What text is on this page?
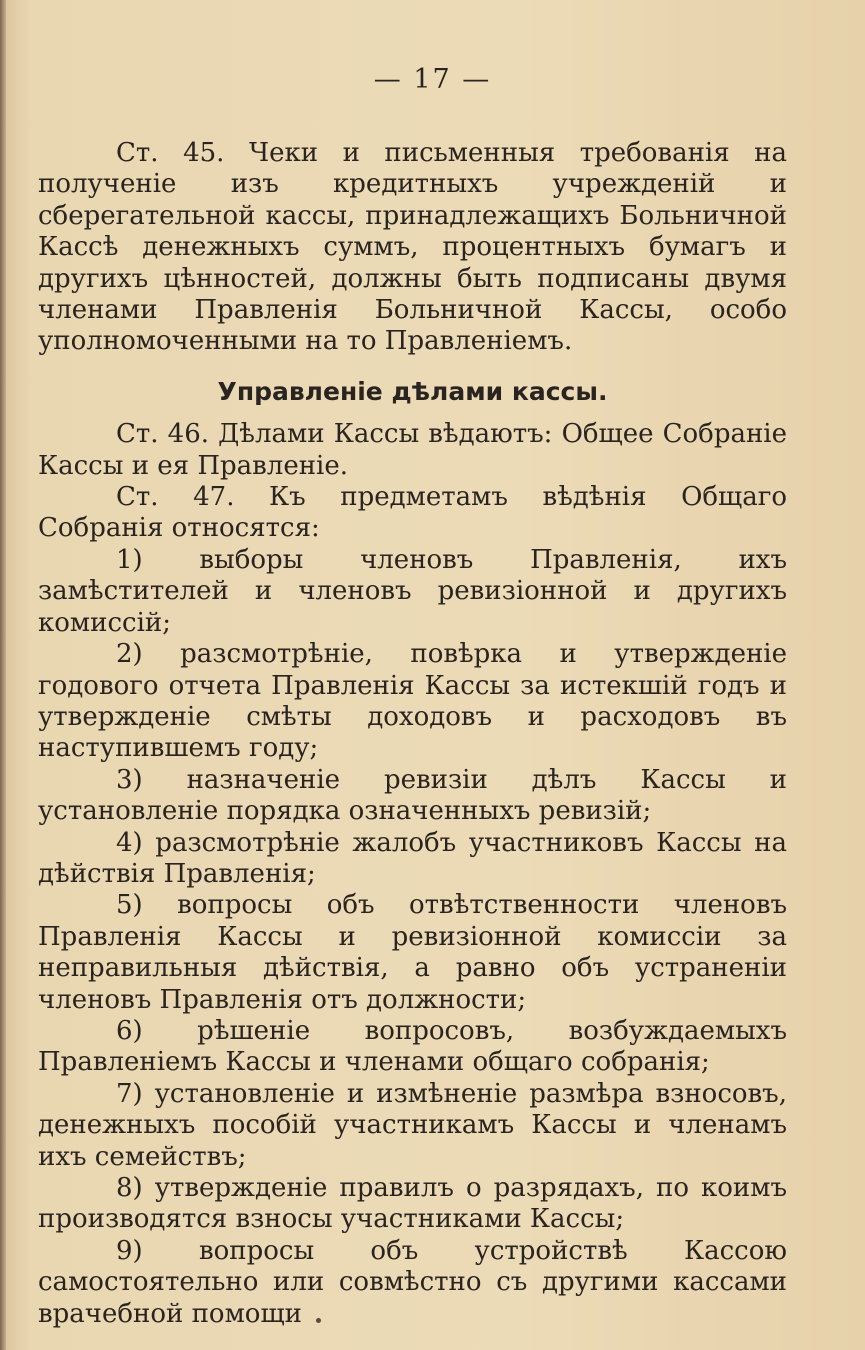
— 17 —

Ст. 45. Чеки и письменныя требованія на полученіе изъ кредитныхъ учрежденій и сберегательной кассы, принадлежащихъ Больничной Кассѣ денежныхъ суммъ, процентныхъ бумагъ и другихъ цѣнностей, должны быть подписаны двумя членами Правленія Больничной Кассы, особо уполномоченными на то Правленіемъ.

Управленіе дѣлами кассы.

Ст. 46. Дѣлами Кассы вѣдаютъ: Общее Собраніе Кассы и ея Правленіе.

Ст. 47. Къ предметамъ вѣдѣнія Общаго Собранія относятся:

1) выборы членовъ Правленія, ихъ замѣстителей и членовъ ревизіонной и другихъ комиссій;

2) разсмотрѣніе, повѣрка и утвержденіе годового отчета Правленія Кассы за истекшій годъ и утвержденіе смѣты доходовъ и расходовъ въ наступившемъ году;

3) назначеніе ревизіи дѣлъ Кассы и установленіе порядка означенныхъ ревизій;

4) разсмотрѣніе жалобъ участниковъ Кассы на дѣйствія Правленія;

5) вопросы объ отвѣтственности членовъ Правленія Кассы и ревизіонной комиссіи за неправильныя дѣйствія, а равно объ устраненіи членовъ Правленія отъ должности;

6) рѣшеніе вопросовъ, возбуждаемыхъ Правленіемъ Кассы и членами общаго собранія;

7) установленіе и измѣненіе размѣра взносовъ, денежныхъ пособій участникамъ Кассы и членамъ ихъ семействъ;

8) утвержденіе правилъ о разрядахъ, по коимъ производятся взносы участниками Кассы;

9) вопросы объ устройствѣ Кассою самостоятельно или совмѣстно съ другими кассами врачебной помощи
